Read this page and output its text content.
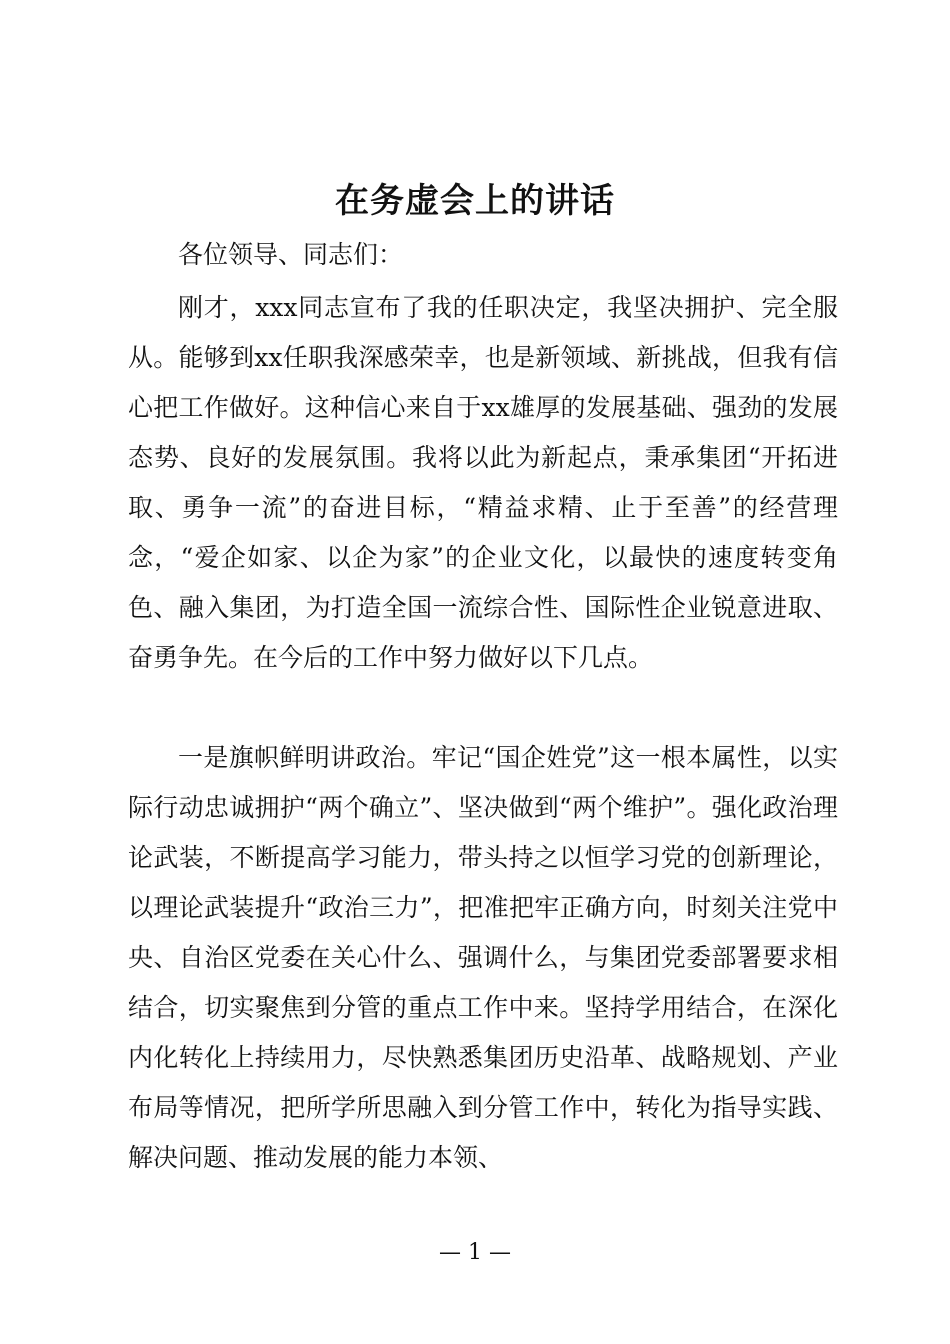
在务虚会上的讲话

各位领导、同志们：

刚才，xxx同志宣布了我的任职决定，我坚决拥护、完全服从。能够到xx任职我深感荣幸，也是新领域、新挑战，但我有信心把工作做好。这种信心来自于xx雄厚的发展基础、强劲的发展态势、良好的发展氛围。我将以此为新起点，秉承集团“开拓进取、勇争一流”的奋进目标，“精益求精、止于至善”的经营理念，“爱企如家、以企为家”的企业文化，以最快的速度转变角色、融入集团，为打造全国一流综合性、国际性企业锐意进取、奋勇争先。在今后的工作中努力做好以下几点。

一是旗帜鲜明讲政治。牢记“国企姓党”这一根本属性，以实际行动忠诚拥护“两个确立”、坚决做到“两个维护”。强化政治理论武装，不断提高学习能力，带头持之以恒学习党的创新理论，以理论武装提升“政治三力”，把准把牢正确方向，时刻关注党中央、自治区党委在关心什么、强调什么，与集团党委部署要求相结合，切实聚焦到分管的重点工作中来。坚持学用结合，在深化内化转化上持续用力，尽快熟悉集团历史沿革、战略规划、产业布局等情况，把所学所思融入到分管工作中，转化为指导实践、解决问题、推动发展的能力本领、

— 1 —
